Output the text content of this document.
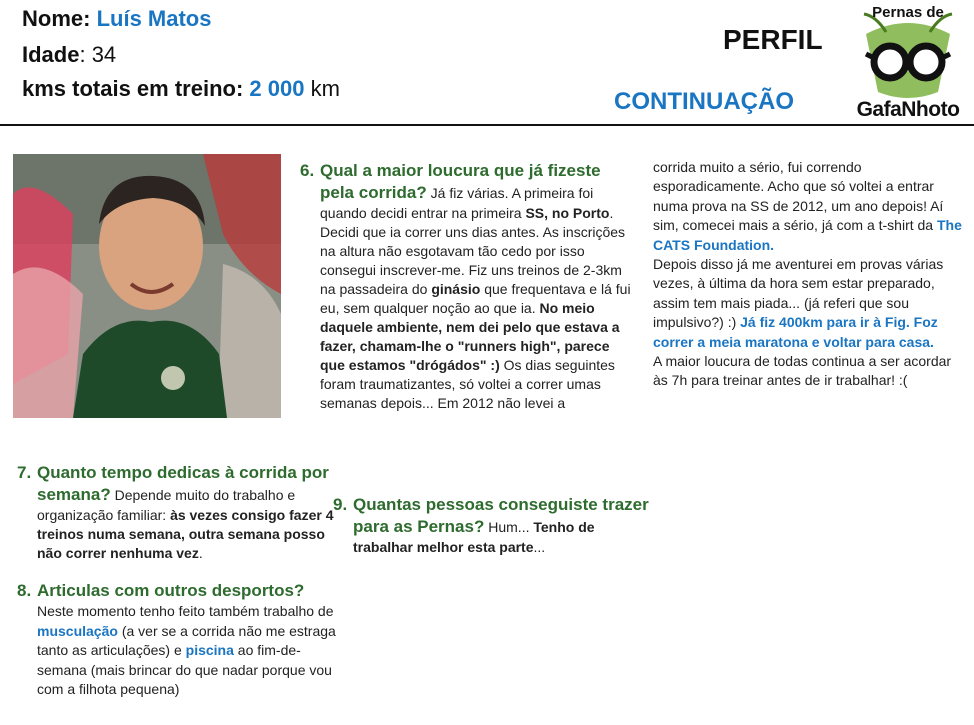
Nome: Luís Matos
Idade: 34
kms totais em treino: 2 000 km
PERFIL
CONTINUAÇÃO
Pernas de
GafaNhoto
6. Qual a maior loucura que já fizeste pela corrida? Já fiz várias. A primeira foi quando decidi entrar na primeira SS, no Porto. Decidi que ia correr uns dias antes. As inscrições na altura não esgotavam tão cedo por isso consegui inscrever-me. Fiz uns treinos de 2-3km na passadeira do ginásio que frequentava e lá fui eu, sem qualquer noção ao que ia. No meio daquele ambiente, nem dei pelo que estava a fazer, chamam-lhe o "runners high", parece que estamos "drógádos" :) Os dias seguintes foram traumatizantes, só voltei a correr umas semanas depois... Em 2012 não levei a
corrida muito a sério, fui correndo esporadicamente. Acho que só voltei a entrar numa prova na SS de 2012, um ano depois! Aí sim, comecei mais a sério, já com a t-shirt da The CATS Foundation.
Depois disso já me aventurei em provas várias vezes, à última da hora sem estar preparado, assim tem mais piada... (já referi que sou impulsivo?) :) Já fiz 400km para ir à Fig. Foz correr a meia maratona e voltar para casa.
A maior loucura de todas continua a ser acordar às 7h para treinar antes de ir trabalhar! :(
7. Quanto tempo dedicas à corrida por semana? Depende muito do trabalho e organização familiar: às vezes consigo fazer 4 treinos numa semana, outra semana posso não correr nenhuma vez.
8. Articulas com outros desportos?
Neste momento tenho feito também trabalho de musculação (a ver se a corrida não me estraga tanto as articulações) e piscina ao fim-de-semana (mais brincar do que nadar porque vou com a filhota pequena)
9. Quantas pessoas conseguiste trazer para as Pernas? Hum... Tenho de trabalhar melhor esta parte...
